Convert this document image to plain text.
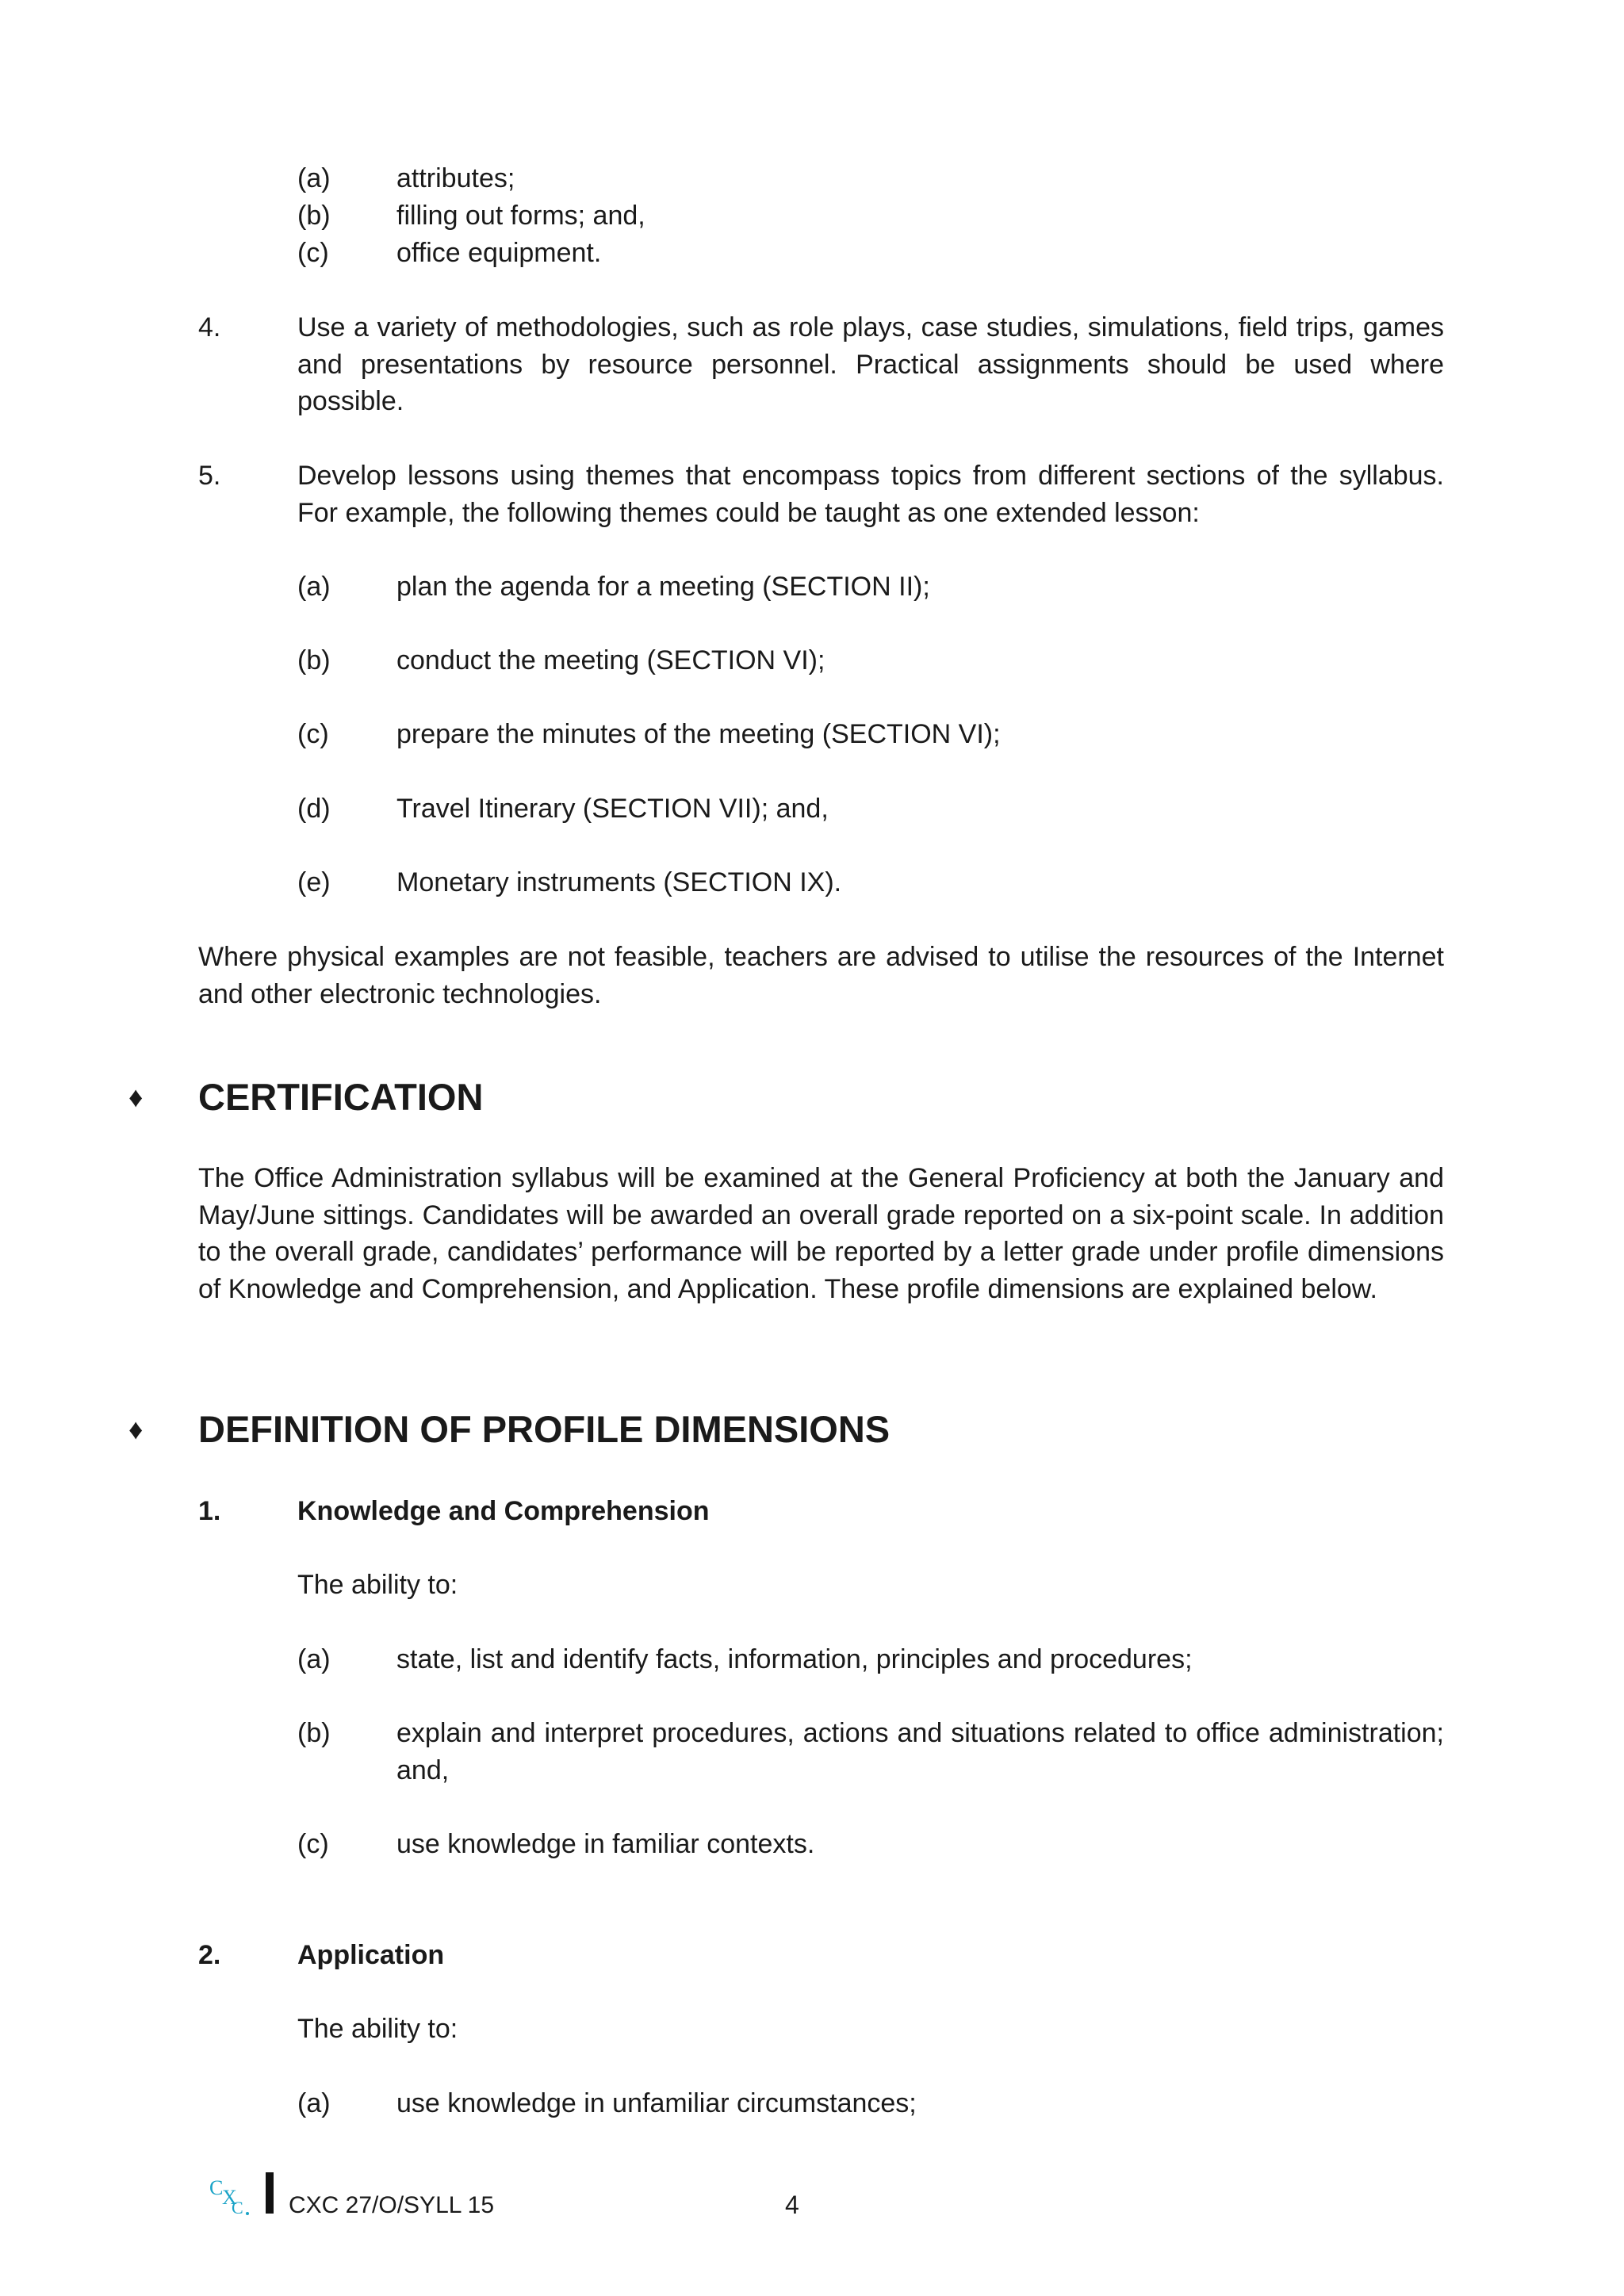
(a) attributes;
(b) filling out forms; and,
(c)	office equipment.
4.	Use a variety of methodologies, such as role plays, case studies, simulations, field trips, games and presentations by resource personnel. Practical assignments should be used where possible.
5.	Develop lessons using themes that encompass topics from different sections of the syllabus. For example, the following themes could be taught as one extended lesson:
(a) plan the agenda for a meeting (SECTION II);
(b) conduct the meeting (SECTION VI);
(c)	prepare the minutes of the meeting (SECTION VI);
(d) Travel Itinerary (SECTION VII); and,
(e) Monetary instruments (SECTION IX).
Where physical examples are not feasible, teachers are advised to utilise the resources of the Internet and other electronic technologies.
♦ CERTIFICATION
The Office Administration syllabus will be examined at the General Proficiency at both the January and May/June sittings. Candidates will be awarded an overall grade reported on a six-point scale. In addition to the overall grade, candidates’ performance will be reported by a letter grade under profile dimensions of Knowledge and Comprehension, and Application. These profile dimensions are explained below.
♦ DEFINITION OF PROFILE DIMENSIONS
1.	Knowledge and Comprehension
The ability to:
(a) state, list and identify facts, information, principles and procedures;
(b) explain and interpret procedures, actions and situations related to office administration; and,
(c)	use knowledge in familiar contexts.
2.	Application
The ability to:
(a) use knowledge in unfamiliar circumstances;
C
X
C CXC 27/O/SYLL 15	4
